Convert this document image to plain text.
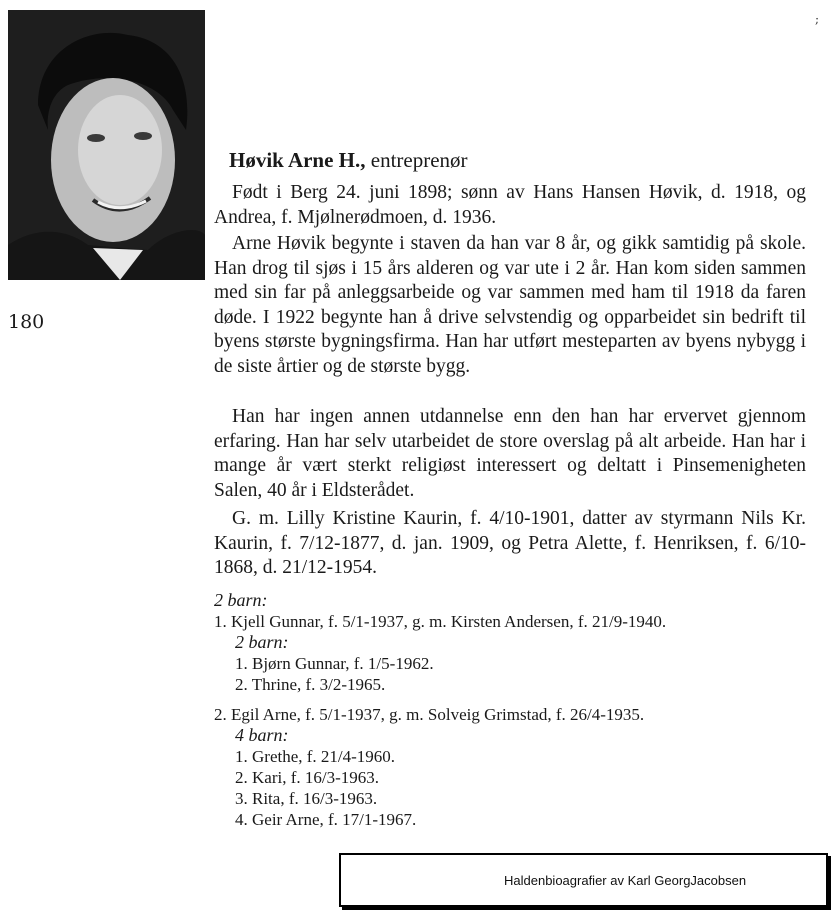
;
180
Høvik Arne H., entreprenør

Født i Berg 24. juni 1898; sønn av Hans Hansen Høvik, d. 1918, og Andrea, f. Mjølnerødmoen, d. 1936.

Arne Høvik begynte i staven da han var 8 år, og gikk samtidig på skole. Han drog til sjøs i 15 års alderen og var ute i 2 år. Han kom siden sammen med sin far på anleggsarbeide og var sammen med ham til 1918 da faren døde. I 1922 begynte han å drive selvstendig og opparbeidet sin bedrift til byens største bygningsfirma. Han har utført mesteparten av byens nybygg i de siste årtier og de største bygg.

Han har ingen annen utdannelse enn den han har ervervet gjennom erfaring. Han har selv utarbeidet de store overslag på alt arbeide. Han har i mange år vært sterkt religiøst interessert og deltatt i Pinsemenigheten Salen, 40 år i Eldsterådet.

G. m. Lilly Kristine Kaurin, f. 4/10-1901, datter av styrmann Nils Kr. Kaurin, f. 7/12-1877, d. jan. 1909, og Petra Alette, f. Henriksen, f. 6/10-1868, d. 21/12-1954.

2 barn:
1. Kjell Gunnar, f. 5/1-1937, g. m. Kirsten Andersen, f. 21/9-1940.
2 barn:
1. Bjørn Gunnar, f. 1/5-1962.
2. Thrine, f. 3/2-1965.
2. Egil Arne, f. 5/1-1937, g. m. Solveig Grimstad, f. 26/4-1935.
4 barn:
1. Grethe, f. 21/4-1960.
2. Kari, f. 16/3-1963.
3. Rita, f. 16/3-1963.
4. Geir Arne, f. 17/1-1967.
Haldenbioagrafier av Karl GeorgJacobsen
